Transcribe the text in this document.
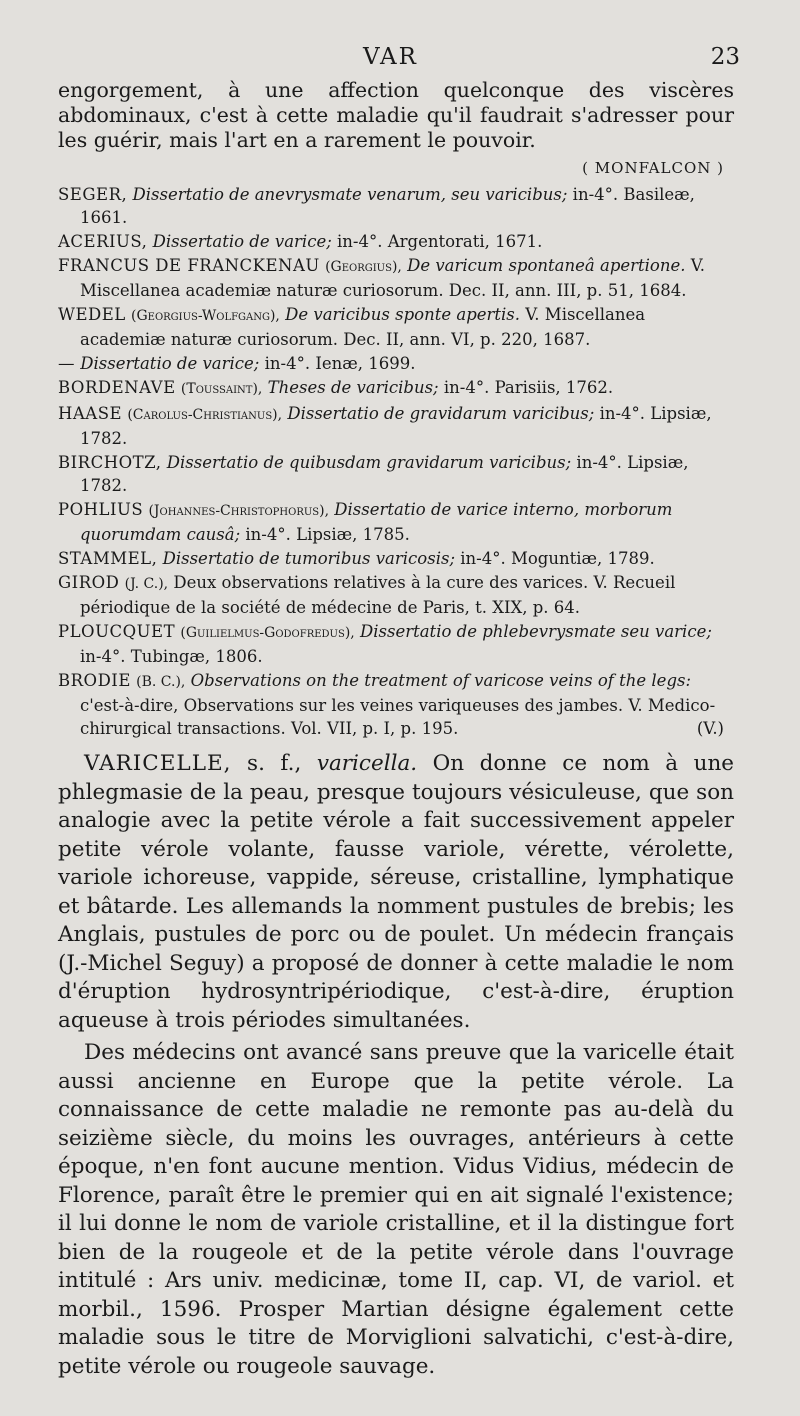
VAR	23

engorgement, à une affection quelconque des viscères abdominaux, c'est à cette maladie qu'il faudrait s'adresser pour les guérir, mais l'art en a rarement le pouvoir.

( MONFALCON )

SEGER, Dissertatio de anevrysmate venarum, seu varicibus; in-4°. Basileæ, 1661.

ACERIUS, Dissertatio de varice; in-4°. Argentorati, 1671.

FRANCUS DE FRANCKENAU (Georgius), De varicum spontaneâ apertione. V. Miscellanea academiæ naturæ curiosorum. Dec. II, ann. III, p. 51, 1684.

WEDEL (Georgius-Wolfgang), De varicibus sponte apertis. V. Miscellanea academiæ naturæ curiosorum. Dec. II, ann. VI, p. 220, 1687.

— Dissertatio de varice; in-4°. Ienæ, 1699.

BORDENAVE (Toussaint), Theses de varicibus; in-4°. Parisiis, 1762.

HAASE (Carolus-Christianus), Dissertatio de gravidarum varicibus; in-4°. Lipsiæ, 1782.

BIRCHOTZ, Dissertatio de quibusdam gravidarum varicibus; in-4°. Lipsiæ, 1782.

POHLIUS (Johannes-Christophorus), Dissertatio de varice interno, morborum quorumdam causâ; in-4°. Lipsiæ, 1785.

STAMMEL, Dissertatio de tumoribus varicosis; in-4°. Moguntiæ, 1789.

GIROD (J. C.), Deux observations relatives à la cure des varices. V. Recueil périodique de la société de médecine de Paris, t. XIX, p. 64.

PLOUCQUET (Guilielmus-Godofredus), Dissertatio de phlebevrysmate seu varice; in-4°. Tubingæ, 1806.

BRODIE (B. C.), Observations on the treatment of varicose veins of the legs: c'est-à-dire, Observations sur les veines variqueuses des jambes. V. Medico-chirurgical transactions. Vol. VII, p. I, p. 195.	(V.)

VARICELLE, s. f., varicella. On donne ce nom à une phlegmasie de la peau, presque toujours vésiculeuse, que son analogie avec la petite vérole a fait successivement appeler petite vérole volante, fausse variole, vérette, vérolette, variole ichoreuse, vappide, séreuse, cristalline, lymphatique et bâtarde. Les allemands la nomment pustules de brebis; les Anglais, pustules de porc ou de poulet. Un médecin français (J.-Michel Seguy) a proposé de donner à cette maladie le nom d'éruption hydrosyntripériodique, c'est-à-dire, éruption aqueuse à trois périodes simultanées.

Des médecins ont avancé sans preuve que la varicelle était aussi ancienne en Europe que la petite vérole. La connaissance de cette maladie ne remonte pas au-delà du seizième siècle, du moins les ouvrages, antérieurs à cette époque, n'en font aucune mention. Vidus Vidius, médecin de Florence, paraît être le premier qui en ait signalé l'existence; il lui donne le nom de variole cristalline, et il la distingue fort bien de la rougeole et de la petite vérole dans l'ouvrage intitulé : Ars univ. medicinæ, tome II, cap. VI, de variol. et morbil., 1596. Prosper Martian désigne également cette maladie sous le titre de Morviglioni salvatichi, c'est-à-dire, petite vérole ou rougeole sauvage.
